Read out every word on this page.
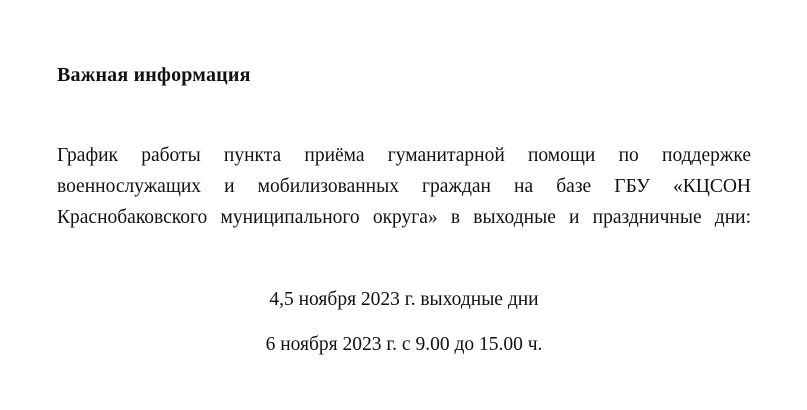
Важная информация

График работы пункта приёма гуманитарной помощи по поддержке военнослужащих и мобилизованных граждан на базе ГБУ «КЦСОН Краснобаковского муниципального округа» в выходные и праздничные дни:

4,5 ноября 2023 г. выходные дни

6 ноября 2023 г. с 9.00 до 15.00 ч.
